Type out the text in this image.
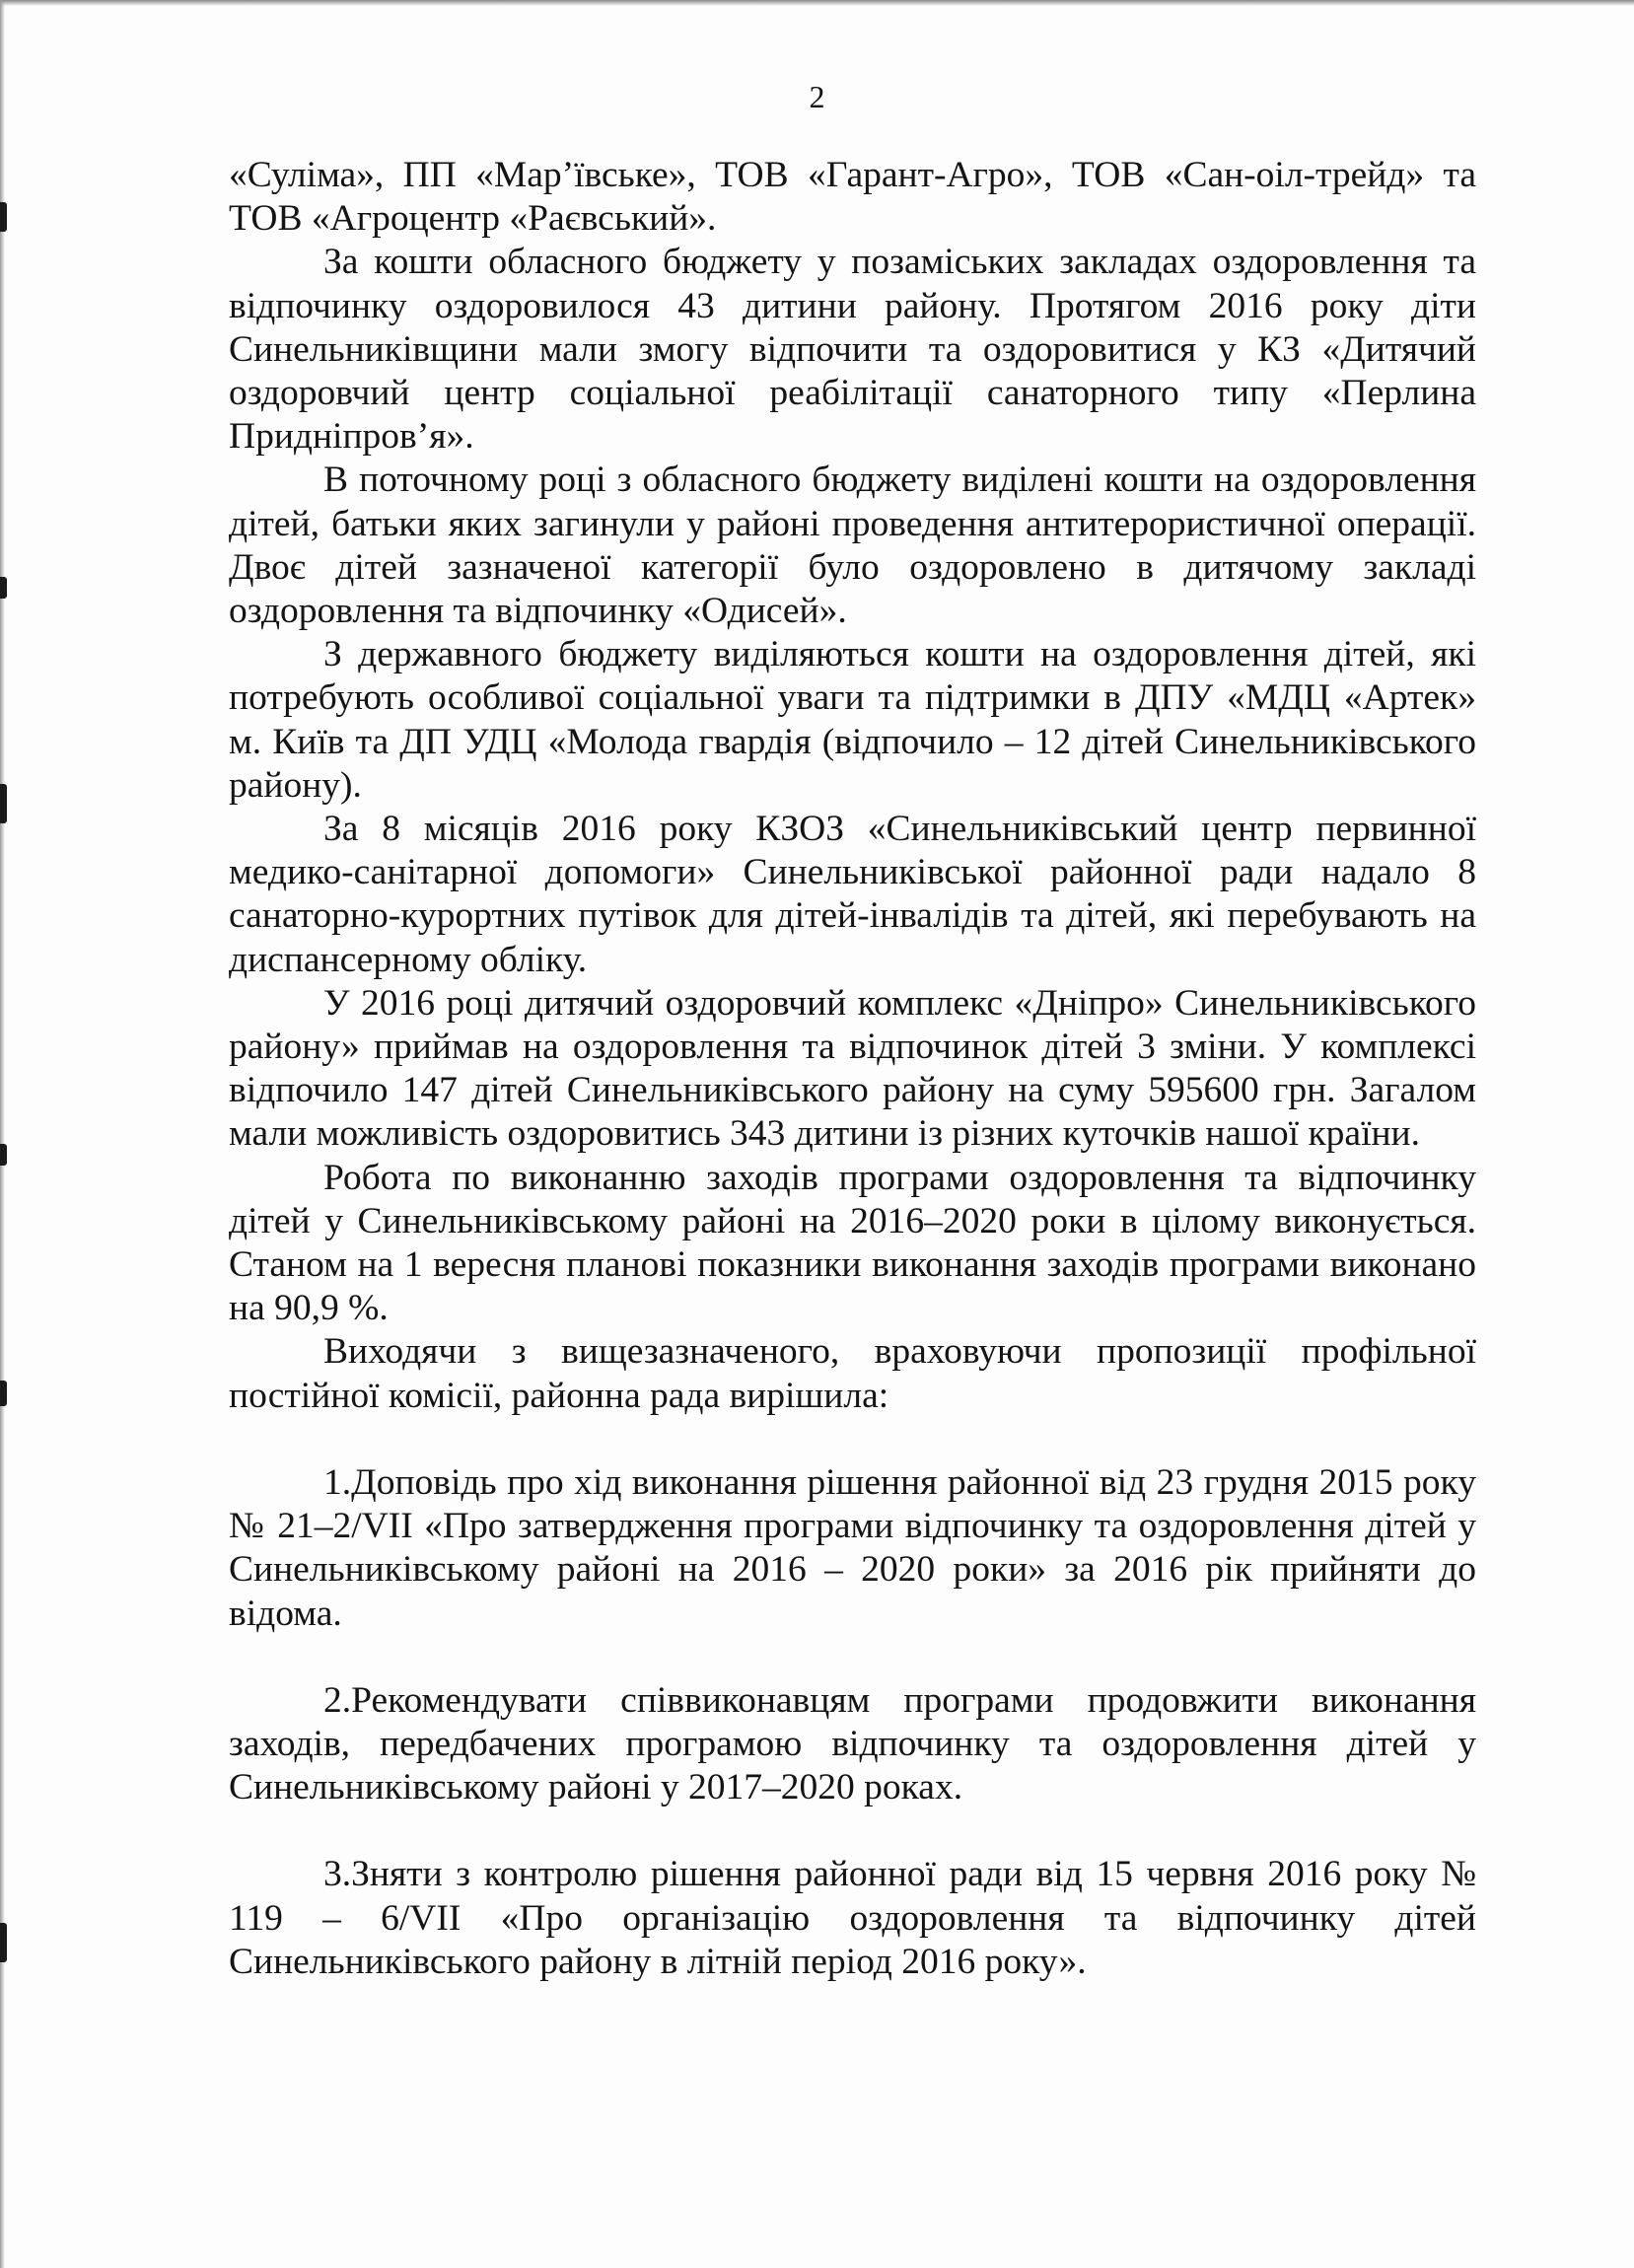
2

«Суліма», ПП «Мар’ївське», ТОВ «Гарант-Агро», ТОВ «Сан-оіл-трейд» та ТОВ «Агроцентр «Раєвський».

За кошти обласного бюджету у позаміських закладах оздоровлення та відпочинку оздоровилося 43 дитини району. Протягом 2016 року діти Синельниківщини мали змогу відпочити та оздоровитися у КЗ «Дитячий оздоровчий центр соціальної реабілітації санаторного типу «Перлина Придніпров’я».

В поточному році з обласного бюджету виділені кошти на оздоровлення дітей, батьки яких загинули у районі проведення антитерористичної операції. Двоє дітей зазначеної категорії було оздоровлено в дитячому закладі оздоровлення та відпочинку «Одисей».

З державного бюджету виділяються кошти на оздоровлення дітей, які потребують особливої соціальної уваги та підтримки в ДПУ «МДЦ «Артек» м. Київ та ДП УДЦ «Молода гвардія (відпочило – 12 дітей Синельниківського району).

За 8 місяців 2016 року КЗОЗ «Синельниківський центр первинної медико-санітарної допомоги» Синельниківської районної ради надало 8 санаторно-курортних путівок для дітей-інвалідів та дітей, які перебувають на диспансерному обліку.

У 2016 році дитячий оздоровчий комплекс «Дніпро» Синельниківського району» приймав на оздоровлення та відпочинок дітей 3 зміни. У комплексі відпочило 147 дітей Синельниківського району на суму 595600 грн. Загалом мали можливість оздоровитись 343 дитини із різних куточків нашої країни.

Робота по виконанню заходів програми оздоровлення та відпочинку дітей у Синельниківському районі на 2016–2020 роки в цілому виконується. Станом на 1 вересня планові показники виконання заходів програми виконано на 90,9 %.

Виходячи з вищезазначеного, враховуючи пропозиції профільної постійної комісії, районна рада вирішила:

1.Доповідь про хід виконання рішення районної від 23 грудня 2015 року № 21–2/VII «Про затвердження програми відпочинку та оздоровлення дітей у Синельниківському районі на 2016 – 2020 роки» за 2016 рік прийняти до відома.

2.Рекомендувати співвиконавцям програми продовжити виконання заходів, передбачених програмою відпочинку та оздоровлення дітей у Синельниківському районі у 2017–2020 роках.

3.Зняти з контролю рішення районної ради від 15 червня 2016 року № 119 – 6/VII «Про організацію оздоровлення та відпочинку дітей Синельниківського району в літній період 2016 року».
